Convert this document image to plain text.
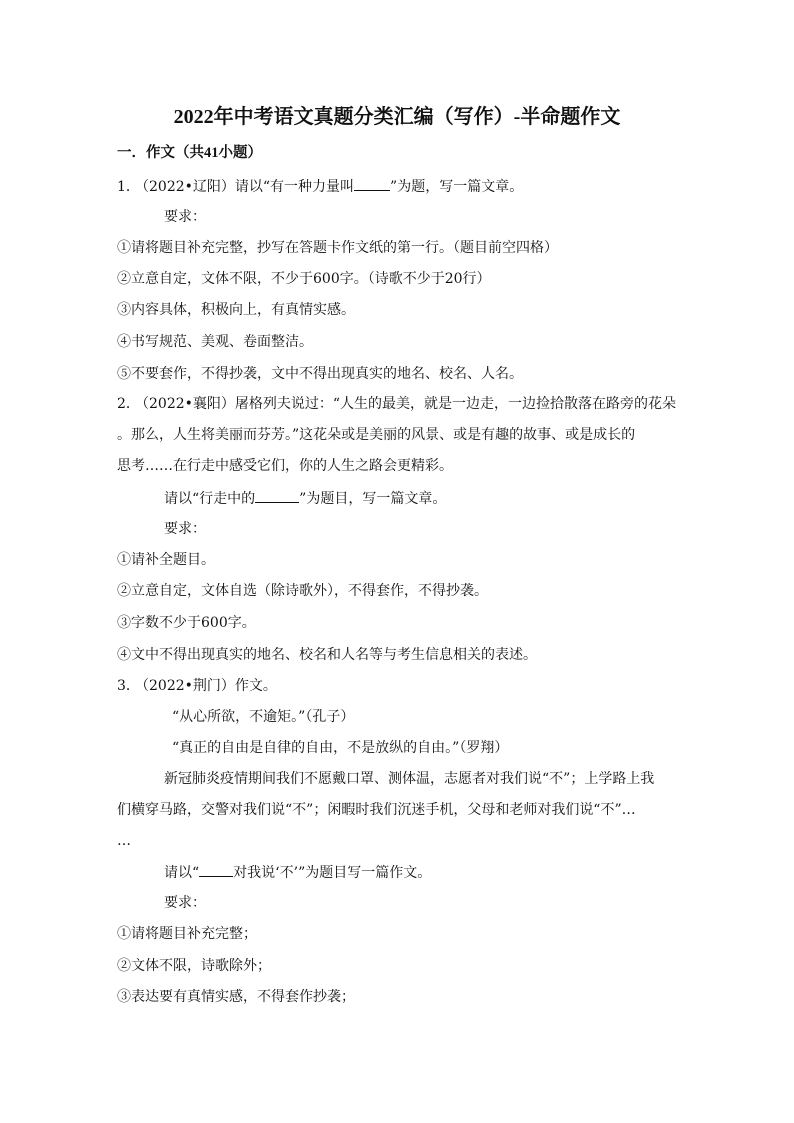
2022年中考语文真题分类汇编（写作）-半命题作文
一．作文（共41小题）
1．（2022•辽阳）请以“有一种力量叫	”为题，写一篇文章。
要求：
①请将题目补充完整，抄写在答题卡作文纸的第一行。（题目前空四格）
②立意自定，文体不限，不少于600字。（诗歌不少于20行）
③内容具体，积极向上，有真情实感。
④书写规范、美观、卷面整洁。
⑤不要套作，不得抄袭，文中不得出现真实的地名、校名、人名。
2．（2022•襄阳）屠格列夫说过：“人生的最美，就是一边走，一边捡拾散落在路旁的花朵
。那么，人生将美丽而芬芳。”这花朵或是美丽的风景、或是有趣的故事、或是成长的
思考……在行走中感受它们，你的人生之路会更精彩。
请以“行走中的	”为题目，写一篇文章。
要求：
①请补全题目。
②立意自定，文体自选（除诗歌外），不得套作，不得抄袭。
③字数不少于600字。
④文中不得出现真实的地名、校名和人名等与考生信息相关的表述。
3．（2022•荆门）作文。
“从心所欲，不逾矩。”（孔子）
“真正的自由是自律的自由，不是放纵的自由。”（罗翔）
新冠肺炎疫情期间我们不愿戴口罩、测体温，志愿者对我们说“不”；上学路上我
们横穿马路，交警对我们说“不”；闲暇时我们沉迷手机，父母和老师对我们说“不”…
…
请以“ 对我说‘不’”为题目写一篇作文。
要求：
①请将题目补充完整；
②文体不限，诗歌除外；
③表达要有真情实感，不得套作抄袭；
